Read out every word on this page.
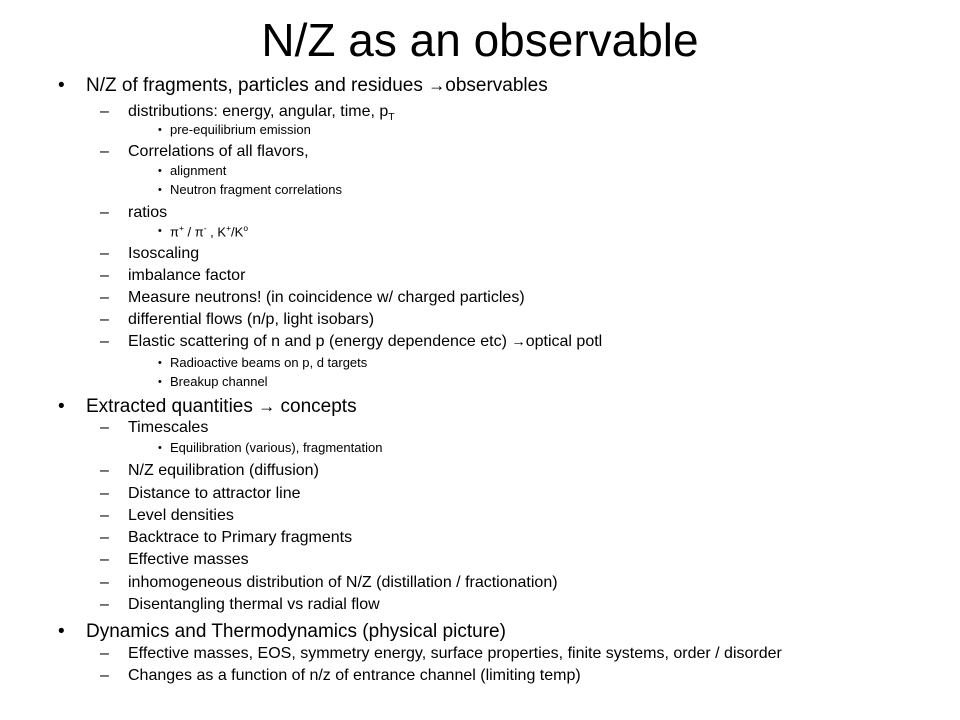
N/Z as an observable
• N/Z of fragments, particles and residues →observables
– distributions: energy, angular, time, $p_T$
• pre-equilibrium emission
– Correlations of all flavors,
• alignment
• Neutron fragment correlations
– ratios
• π+ / π- , $K^+/K^o$
– Isoscaling
– imbalance factor
– Measure neutrons! (in coincidence w/ charged particles)
– differential flows (n/p, light isobars)
– Elastic scattering of n and p (energy dependence etc) →optical potl
• Radioactive beams on p, d targets
• Breakup channel
• Extracted quantities → concepts
– Timescales
• Equilibration (various), fragmentation
– N/Z equilibration (diffusion)
– Distance to attractor line
– Level densities
– Backtrace to Primary fragments
– Effective masses
– inhomogeneous distribution of N/Z (distillation / fractionation)
– Disentangling thermal vs radial flow
• Dynamics and Thermodynamics (physical picture)
– Effective masses, EOS, symmetry energy, surface properties, finite systems, order / disorder
– Changes as a function of n/z of entrance channel (limiting temp)
